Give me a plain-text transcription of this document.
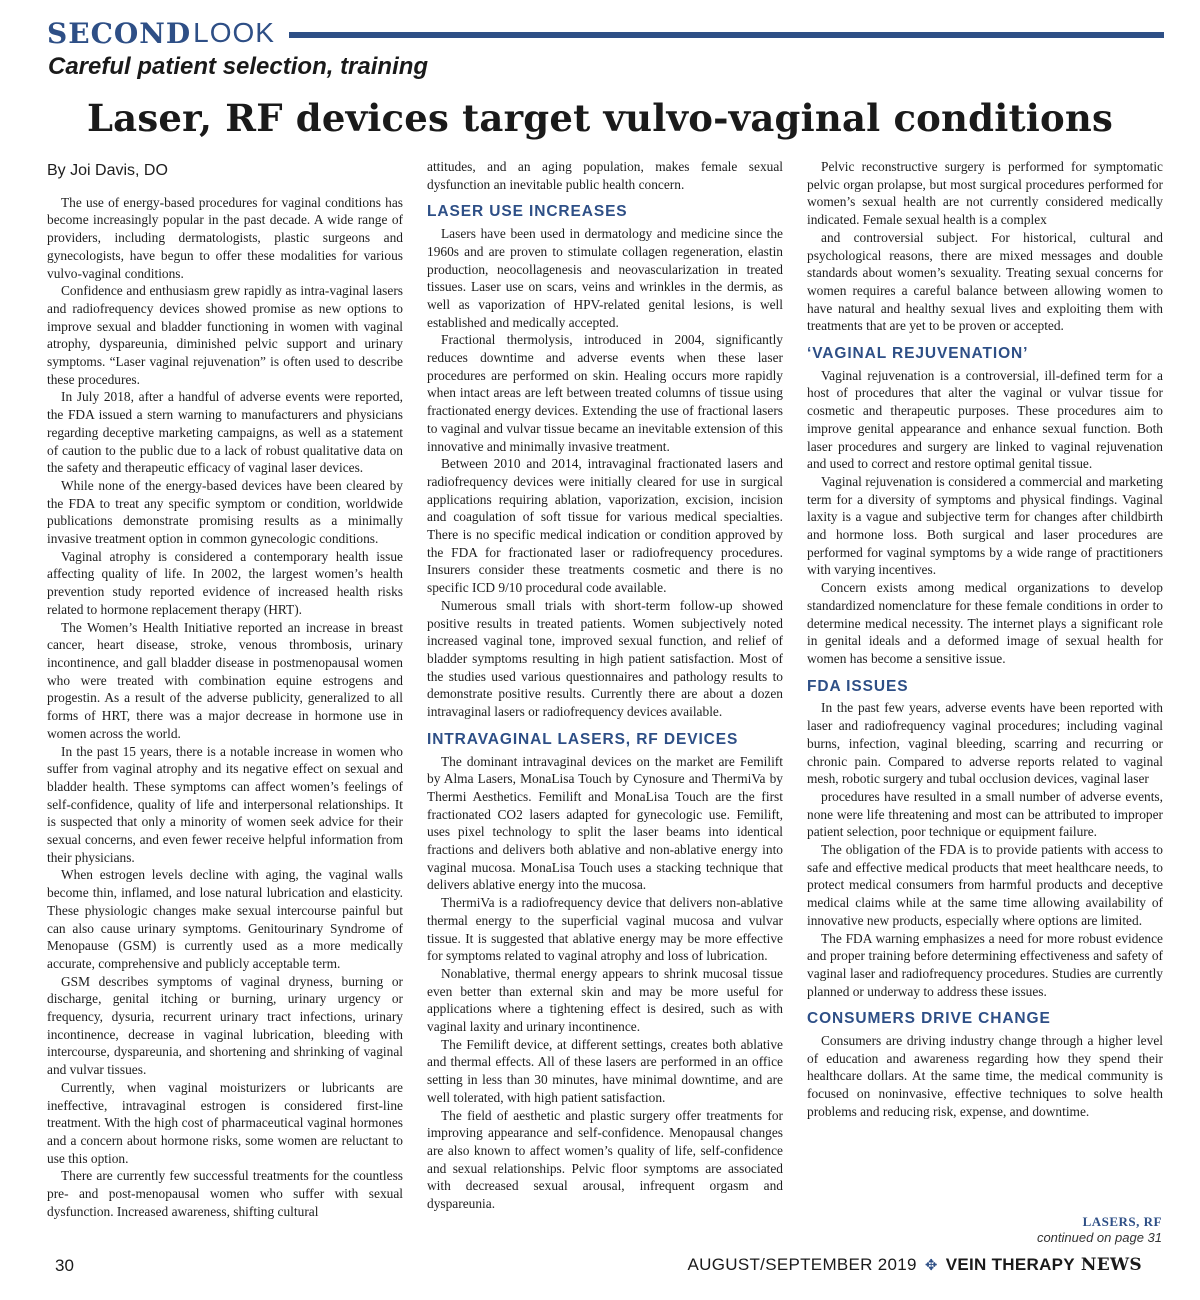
SECOND LOOK
Careful patient selection, training
Laser, RF devices target vulvo-vaginal conditions
By Joi Davis, DO

The use of energy-based procedures for vaginal conditions has become increasingly popular in the past decade. A wide range of providers, including dermatologists, plastic surgeons and gynecologists, have begun to offer these modalities for various vulvo-vaginal conditions.

Confidence and enthusiasm grew rapidly as intra-vaginal lasers and radiofrequency devices showed promise as new options to improve sexual and bladder functioning in women with vaginal atrophy, dyspareunia, diminished pelvic support and urinary symptoms. “Laser vaginal rejuvenation” is often used to describe these procedures.

In July 2018, after a handful of adverse events were reported, the FDA issued a stern warning to manufacturers and physicians regarding deceptive marketing campaigns, as well as a statement of caution to the public due to a lack of robust qualitative data on the safety and therapeutic efficacy of vaginal laser devices.

While none of the energy-based devices have been cleared by the FDA to treat any specific symptom or condition, worldwide publications demonstrate promising results as a minimally invasive treatment option in common gynecologic conditions.

Vaginal atrophy is considered a contemporary health issue affecting quality of life. In 2002, the largest women’s health prevention study reported evidence of increased health risks related to hormone replacement therapy (HRT).

The Women’s Health Initiative reported an increase in breast cancer, heart disease, stroke, venous thrombosis, urinary incontinence, and gall bladder disease in postmenopausal women who were treated with combination equine estrogens and progestin. As a result of the adverse publicity, generalized to all forms of HRT, there was a major decrease in hormone use in women across the world.

In the past 15 years, there is a notable increase in women who suffer from vaginal atrophy and its negative effect on sexual and bladder health. These symptoms can affect women’s feelings of self-confidence, quality of life and interpersonal relationships. It is suspected that only a minority of women seek advice for their sexual concerns, and even fewer receive helpful information from their physicians.

When estrogen levels decline with aging, the vaginal walls become thin, inflamed, and lose natural lubrication and elasticity. These physiologic changes make sexual intercourse painful but can also cause urinary symptoms. Genitourinary Syndrome of Menopause (GSM) is currently used as a more medically accurate, comprehensive and publicly acceptable term.

GSM describes symptoms of vaginal dryness, burning or discharge, genital itching or burning, urinary urgency or frequency, dysuria, recurrent urinary tract infections, urinary incontinence, decrease in vaginal lubrication, bleeding with intercourse, dyspareunia, and shortening and shrinking of vaginal and vulvar tissues.

Currently, when vaginal moisturizers or lubricants are ineffective, intravaginal estrogen is considered first-line treatment. With the high cost of pharmaceutical vaginal hormones and a concern about hormone risks, some women are reluctant to use this option.

There are currently few successful treatments for the countless pre- and post-menopausal women who suffer with sexual dysfunction. Increased awareness, shifting cultural

attitudes, and an aging population, makes female sexual dysfunction an inevitable public health concern.

LASER USE INCREASES

Lasers have been used in dermatology and medicine since the 1960s and are proven to stimulate collagen regeneration, elastin production, neocollagenesis and neovascularization in treated tissues. Laser use on scars, veins and wrinkles in the dermis, as well as vaporization of HPV-related genital lesions, is well established and medically accepted.

Fractional thermolysis, introduced in 2004, significantly reduces downtime and adverse events when these laser procedures are performed on skin. Healing occurs more rapidly when intact areas are left between treated columns of tissue using fractionated energy devices. Extending the use of fractional lasers to vaginal and vulvar tissue became an inevitable extension of this innovative and minimally invasive treatment.

Between 2010 and 2014, intravaginal fractionated lasers and radiofrequency devices were initially cleared for use in surgical applications requiring ablation, vaporization, excision, incision and coagulation of soft tissue for various medical specialties. There is no specific medical indication or condition approved by the FDA for fractionated laser or radiofrequency procedures. Insurers consider these treatments cosmetic and there is no specific ICD 9/10 procedural code available.

Numerous small trials with short-term follow-up showed positive results in treated patients. Women subjectively noted increased vaginal tone, improved sexual function, and relief of bladder symptoms resulting in high patient satisfaction. Most of the studies used various questionnaires and pathology results to demonstrate positive results. Currently there are about a dozen intravaginal lasers or radiofrequency devices available.

INTRAVAGINAL LASERS, RF DEVICES

The dominant intravaginal devices on the market are Femilift by Alma Lasers, MonaLisa Touch by Cynosure and ThermiVa by Thermi Aesthetics. Femilift and MonaLisa Touch are the first fractionated CO2 lasers adapted for gynecologic use. Femilift, uses pixel technology to split the laser beams into identical fractions and delivers both ablative and non-ablative energy into vaginal mucosa. MonaLisa Touch uses a stacking technique that delivers ablative energy into the mucosa.

ThermiVa is a radiofrequency device that delivers non-ablative thermal energy to the superficial vaginal mucosa and vulvar tissue. It is suggested that ablative energy may be more effective for symptoms related to vaginal atrophy and loss of lubrication.

Nonablative, thermal energy appears to shrink mucosal tissue even better than external skin and may be more useful for applications where a tightening effect is desired, such as with vaginal laxity and urinary incontinence.

The Femilift device, at different settings, creates both ablative and thermal effects. All of these lasers are performed in an office setting in less than 30 minutes, have minimal downtime, and are well tolerated, with high patient satisfaction.

The field of aesthetic and plastic surgery offer treatments for improving appearance and self-confidence. Menopausal changes are also known to affect women’s quality of life, self-confidence and sexual relationships. Pelvic floor symptoms are associated with decreased sexual arousal, infrequent orgasm and dyspareunia.

Pelvic reconstructive surgery is performed for symptomatic pelvic organ prolapse, but most surgical procedures performed for women’s sexual health are not currently considered medically indicated. Female sexual health is a complex

and controversial subject. For historical, cultural and psychological reasons, there are mixed messages and double standards about women’s sexuality. Treating sexual concerns for women requires a careful balance between allowing women to have natural and healthy sexual lives and exploiting them with treatments that are yet to be proven or accepted.

‘VAGINAL REJUVENATION’

Vaginal rejuvenation is a controversial, ill-defined term for a host of procedures that alter the vaginal or vulvar tissue for cosmetic and therapeutic purposes. These procedures aim to improve genital appearance and enhance sexual function. Both laser procedures and surgery are linked to vaginal rejuvenation and used to correct and restore optimal genital tissue.

Vaginal rejuvenation is considered a commercial and marketing term for a diversity of symptoms and physical findings. Vaginal laxity is a vague and subjective term for changes after childbirth and hormone loss. Both surgical and laser procedures are performed for vaginal symptoms by a wide range of practitioners with varying incentives.

Concern exists among medical organizations to develop standardized nomenclature for these female conditions in order to determine medical necessity. The internet plays a significant role in genital ideals and a deformed image of sexual health for women has become a sensitive issue.

FDA ISSUES

In the past few years, adverse events have been reported with laser and radiofrequency vaginal procedures; including vaginal burns, infection, vaginal bleeding, scarring and recurring or chronic pain. Compared to adverse reports related to vaginal mesh, robotic surgery and tubal occlusion devices, vaginal laser

procedures have resulted in a small number of adverse events, none were life threatening and most can be attributed to improper patient selection, poor technique or equipment failure.

The obligation of the FDA is to provide patients with access to safe and effective medical products that meet healthcare needs, to protect medical consumers from harmful products and deceptive medical claims while at the same time allowing availability of innovative new products, especially where options are limited.

The FDA warning emphasizes a need for more robust evidence and proper training before determining effectiveness and safety of vaginal laser and radiofrequency procedures. Studies are currently planned or underway to address these issues.

CONSUMERS DRIVE CHANGE

Consumers are driving industry change through a higher level of education and awareness regarding how they spend their healthcare dollars. At the same time, the medical community is focused on noninvasive, effective techniques to solve health problems and reducing risk, expense, and downtime.

LASERS, RF
continued on page 31
30	AUGUST/SEPTEMBER 2019 ✥ VEIN THERAPY NEWS
